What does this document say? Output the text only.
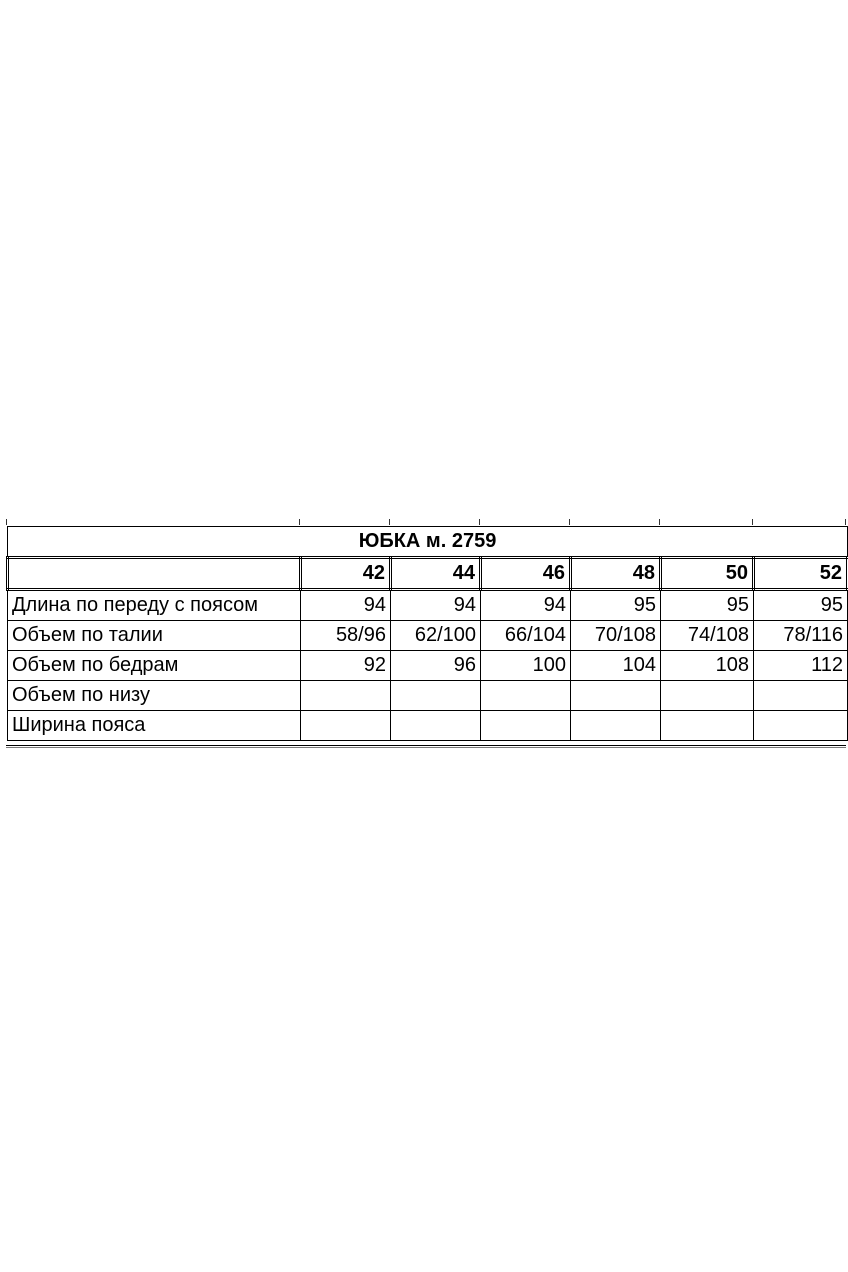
ЮБКА м. 2759						
	42	44	46	48	50	52
Длина по переду с поясом	94	94	94	95	95	95
Объем по талии	58/96	62/100	66/104	70/108	74/108	78/116
Объем по бедрам	92	96	100	104	108	112
Объем по низу						
Ширина пояса						
